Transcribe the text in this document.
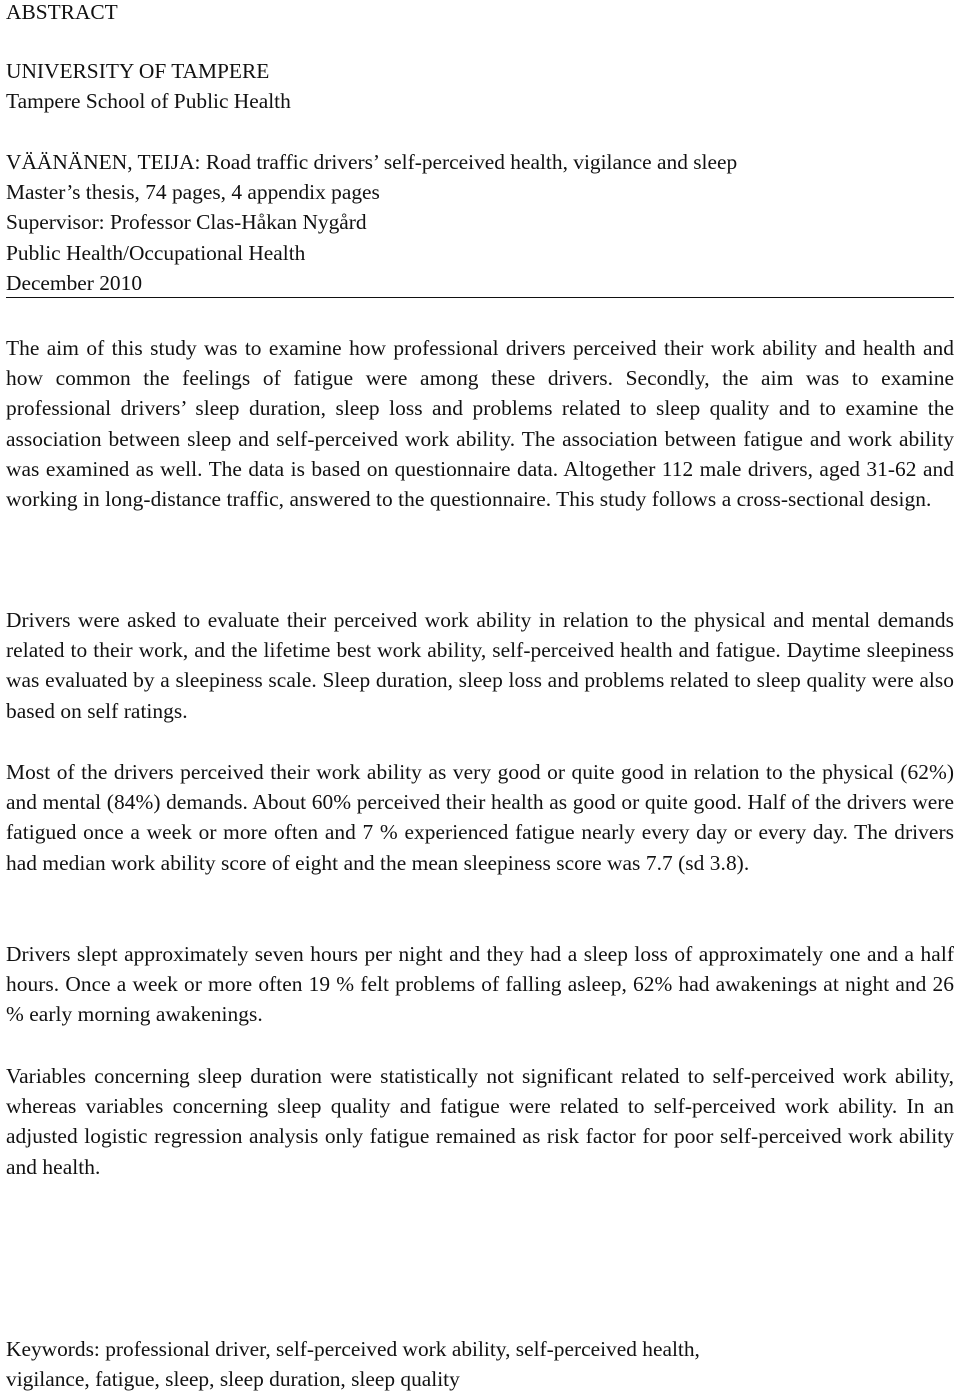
ABSTRACT
UNIVERSITY OF TAMPERE
Tampere School of Public Health
VÄÄNÄNEN, TEIJA: Road traffic drivers’ self-perceived health, vigilance and sleep
Master’s thesis, 74 pages, 4 appendix pages
Supervisor: Professor Clas-Håkan Nygård
Public Health/Occupational Health
December 2010

The aim of this study was to examine how professional drivers perceived their work ability and health and how common the feelings of fatigue were among these drivers. Secondly, the aim was to examine professional drivers’ sleep duration, sleep loss and problems related to sleep quality and to examine the association between sleep and self-perceived work ability. The association between fatigue and work ability was examined as well. The data is based on questionnaire data. Altogether 112 male drivers, aged 31-62 and working in long-distance traffic, answered to the questionnaire. This study follows a cross-sectional design.

Drivers were asked to evaluate their perceived work ability in relation to the physical and mental demands related to their work, and the lifetime best work ability, self-perceived health and fatigue. Daytime sleepiness was evaluated by a sleepiness scale. Sleep duration, sleep loss and problems related to sleep quality were also based on self ratings.

Most of the drivers perceived their work ability as very good or quite good in relation to the physical (62%) and mental (84%) demands. About 60% perceived their health as good or quite good. Half of the drivers were fatigued once a week or more often and 7 % experienced fatigue nearly every day or every day. The drivers had median work ability score of eight and the mean sleepiness score was 7.7 (sd 3.8).

Drivers slept approximately seven hours per night and they had a sleep loss of approximately one and a half hours. Once a week or more often 19 % felt problems of falling asleep, 62% had awakenings at night and 26 % early morning awakenings.

Variables concerning sleep duration were statistically not significant related to self-perceived work ability, whereas variables concerning sleep quality and fatigue were related to self-perceived work ability. In an adjusted logistic regression analysis only fatigue remained as risk factor for poor self-perceived work ability and health.

Keywords: professional driver, self-perceived work ability, self-perceived health,
vigilance, fatigue, sleep, sleep duration, sleep quality
